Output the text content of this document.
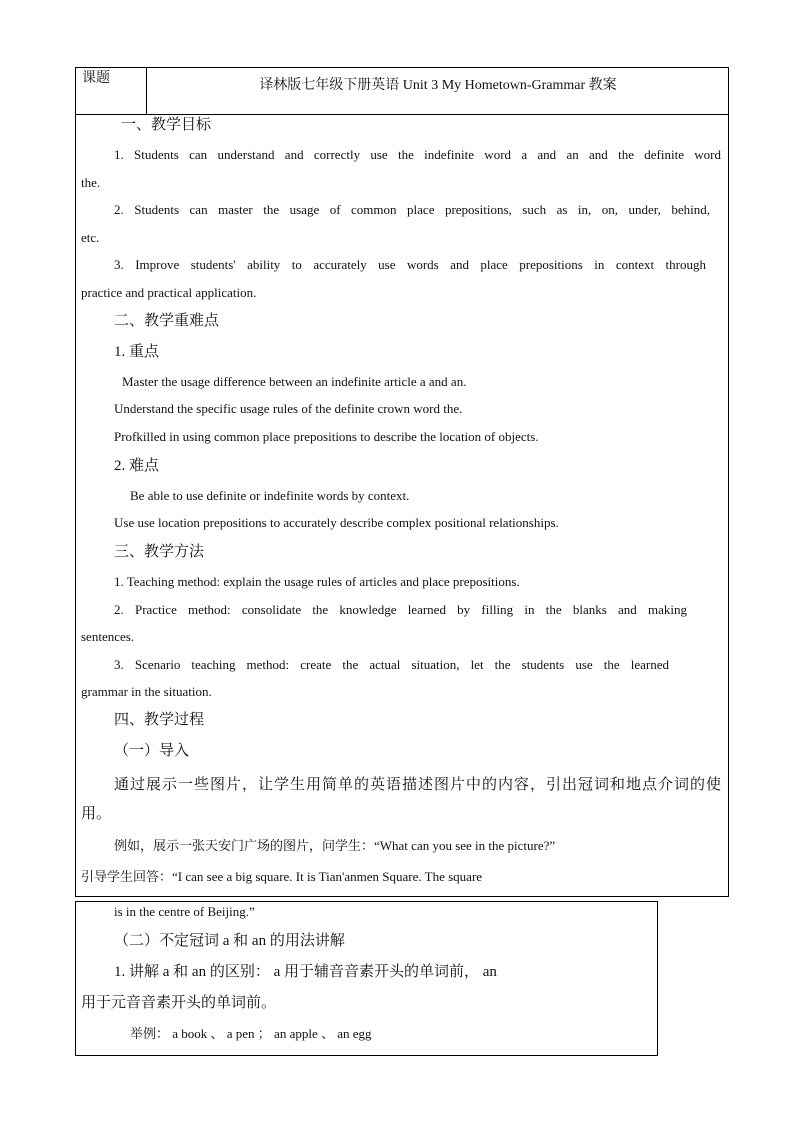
课题	译林版七年级下册英语 Unit 3 My Hometown-Grammar 教案
一、教学目标
1. Students can understand and correctly use the indefinite word a and an and the definite word
the.
2. Students can master the usage of common place prepositions, such as in, on, under, behind,
etc.
3. Improve students' ability to accurately use words and place prepositions in context through
practice and practical application.
二、教学重难点
1. 重点
Master the usage difference between an indefinite article a and an.
Understand the specific usage rules of the definite crown word the.
Profkilled in using common place prepositions to describe the location of objects.
2. 难点
Be able to use definite or indefinite words by context.
Use use location prepositions to accurately describe complex positional relationships.
三、教学方法
1. Teaching method: explain the usage rules of articles and place prepositions.
2. Practice method: consolidate the knowledge learned by filling in the blanks and making
sentences.
3. Scenario teaching method: create the actual situation, let the students use the learned
grammar in the situation.
四、教学过程
（一）导入
通过展示一些图片，让学生用简单的英语描述图片中的内容，引出冠词和地点介词的使
用。
例如，展示一张天安门广场的图片，问学生：“What can you see in the picture?”
引导学生回答：“I can see a big square. It is Tian'anmen Square. The square
is in the centre of Beijing.”
（二）不定冠词 a 和 an 的用法讲解
1. 讲解 a 和 an 的区别： a 用于辅音音素开头的单词前， an
用于元音音素开头的单词前。
举例： a book 、 a pen ； an apple 、 an egg
